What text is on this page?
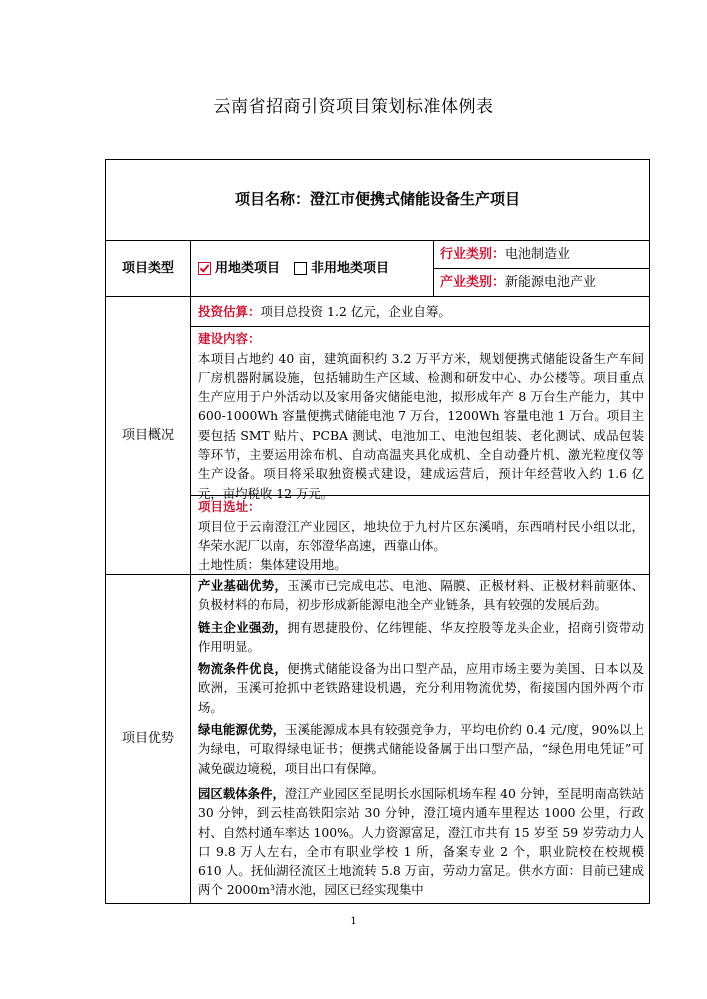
云南省招商引资项目策划标准体例表
项目名称： 澄江市便携式储能设备生产项目
项目类型	用地类项目 非用地类项目
行业类别：电池制造业
产业类别：新能源电池产业
项目概况
投资估算：项目总投资 1.2 亿元，企业自筹。
建设内容：
本项目占地约 40 亩，建筑面积约 3.2 万平方米，规划便携式储能设备生产车间厂房机器附属设施，包括辅助生产区域、检测和研发中心、办公楼等。项目重点生产应用于户外活动以及家用备灾储能电池，拟形成年产 8 万台生产能力，其中 600-1000Wh 容量便携式储能电池 7 万台，1200Wh 容量电池 1 万台。项目主要包括 SMT 贴片、PCBA 测试、电池加工、电池包组装、老化测试、成品包装等环节，主要运用涂布机、自动高温夹具化成机、全自动叠片机、激光粒度仪等生产设备。项目将采取独资模式建设，建成运营后，预计年经营收入约 1.6 亿元，亩均税收 12 万元。
项目选址：
项目位于云南澄江产业园区，地块位于九村片区东溪哨，东西哨村民小组以北，华荣水泥厂以南，东邻澄华高速，西靠山体。
土地性质：集体建设用地。
项目优势
产业基础优势，玉溪市已完成电芯、电池、隔膜、正极材料、正极材料前驱体、负极材料的布局，初步形成新能源电池全产业链条，具有较强的发展后劲。
链主企业强劲，拥有恩捷股份、亿纬锂能、华友控股等龙头企业，招商引资带动作用明显。
物流条件优良，便携式储能设备为出口型产品，应用市场主要为美国、日本以及欧洲，玉溪可抢抓中老铁路建设机遇，充分利用物流优势，衔接国内国外两个市场。
绿电能源优势，玉溪能源成本具有较强竞争力，平均电价约 0.4 元/度，90%以上为绿电，可取得绿电证书；便携式储能设备属于出口型产品，“绿色用电凭证”可减免碳边境税，项目出口有保障。
园区载体条件，澄江产业园区至昆明长水国际机场车程 40 分钟，至昆明南高铁站 30 分钟，到云桂高铁阳宗站 30 分钟，澄江境内通车里程达 1000 公里，行政村、自然村通车率达 100%。人力资源富足，澄江市共有 15 岁至 59 岁劳动力人口 9.8 万人左右，全市有职业学校 1 所，备案专业 2 个，职业院校在校规模 610 人。抚仙湖径流区土地流转 5.8 万亩，劳动力富足。供水方面：目前已建成两个 2000m³清水池，园区已经实现集中
1
